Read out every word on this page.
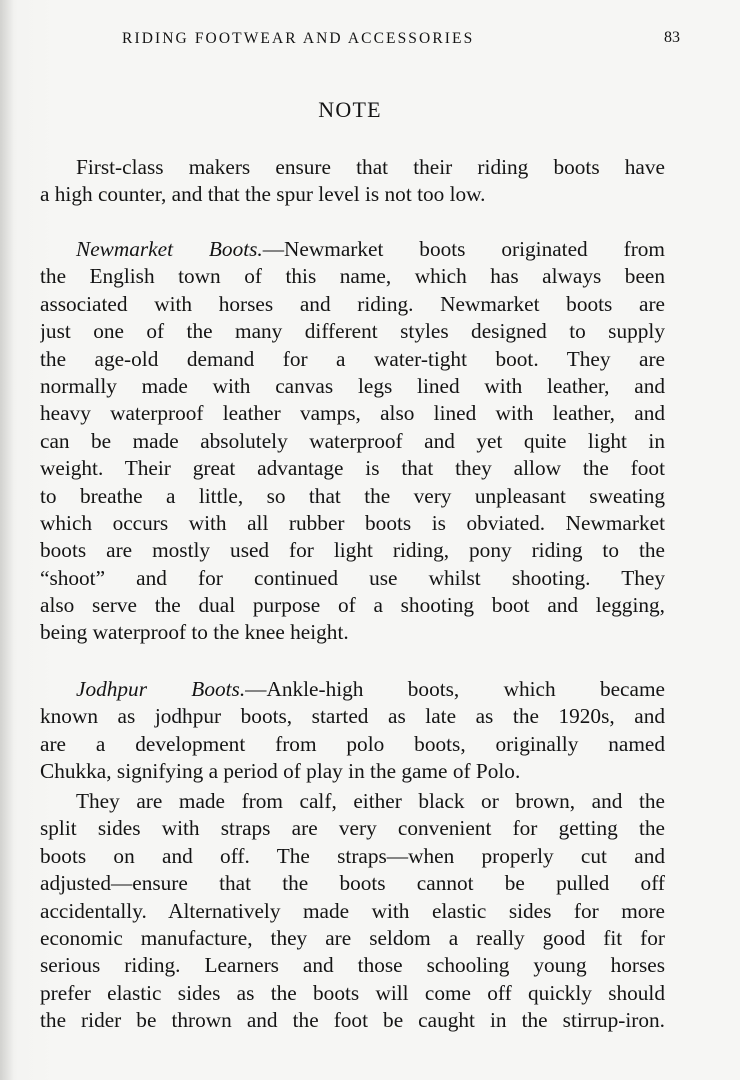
RIDING FOOTWEAR AND ACCESSORIES	83
NOTE
First-class makers ensure that their riding boots have
a high counter, and that the spur level is not too low.
Newmarket Boots.—Newmarket boots originated from
the English town of this name, which has always been
associated with horses and riding. Newmarket boots are
just one of the many different styles designed to supply
the age-old demand for a water-tight boot. They are
normally made with canvas legs lined with leather, and
heavy waterproof leather vamps, also lined with leather, and
can be made absolutely waterproof and yet quite light in
weight. Their great advantage is that they allow the foot
to breathe a little, so that the very unpleasant sweating
which occurs with all rubber boots is obviated. Newmarket
boots are mostly used for light riding, pony riding to the
“shoot” and for continued use whilst shooting. They
also serve the dual purpose of a shooting boot and legging,
being waterproof to the knee height.
Jodhpur Boots.—Ankle-high boots, which became
known as jodhpur boots, started as late as the 1920s, and
are a development from polo boots, originally named
Chukka, signifying a period of play in the game of Polo.
They are made from calf, either black or brown, and the
split sides with straps are very convenient for getting the
boots on and off. The straps—when properly cut and
adjusted—ensure that the boots cannot be pulled off
accidentally. Alternatively made with elastic sides for more
economic manufacture, they are seldom a really good fit for
serious riding. Learners and those schooling young horses
prefer elastic sides as the boots will come off quickly should
the rider be thrown and the foot be caught in the stirrup-iron.
